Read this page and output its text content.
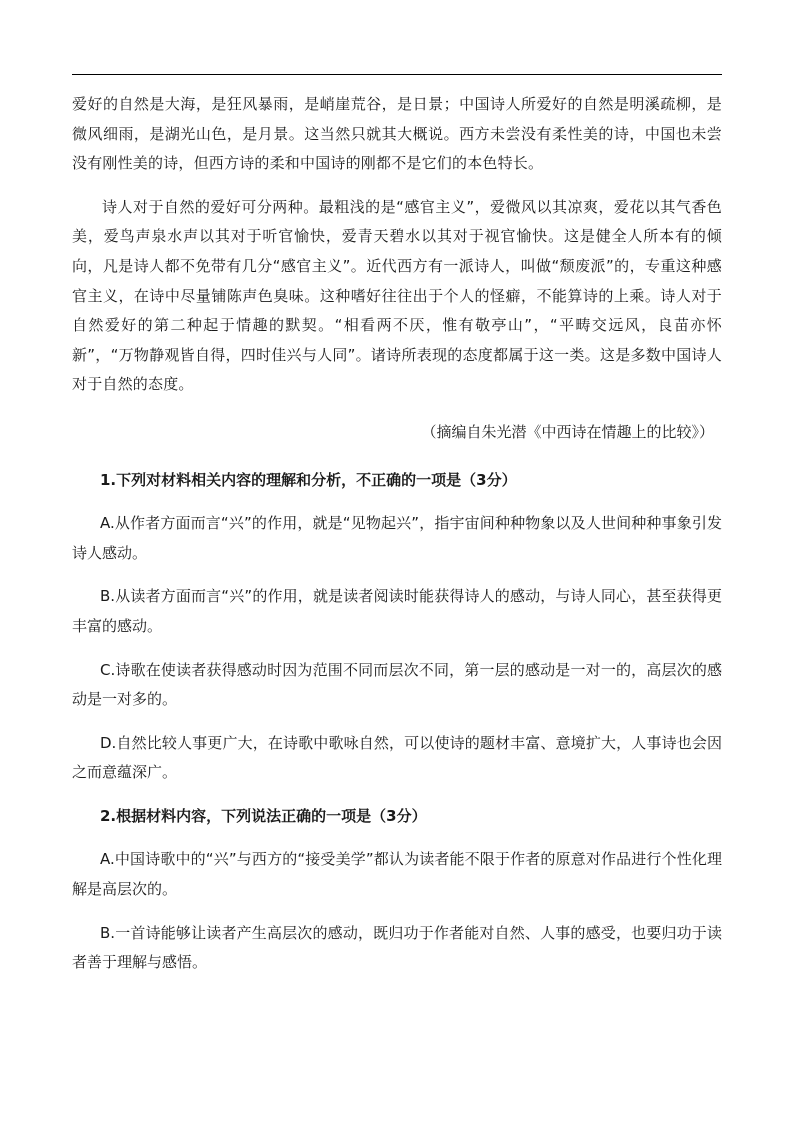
爱好的自然是大海，是狂风暴雨，是峭崖荒谷，是日景；中国诗人所爱好的自然是明溪疏柳，是微风细雨，是湖光山色，是月景。这当然只就其大概说。西方未尝没有柔性美的诗，中国也未尝没有刚性美的诗，但西方诗的柔和中国诗的刚都不是它们的本色特长。

诗人对于自然的爱好可分两种。最粗浅的是“感官主义”，爱微风以其凉爽，爱花以其气香色美，爱鸟声泉水声以其对于听官愉快，爱青天碧水以其对于视官愉快。这是健全人所本有的倾向，凡是诗人都不免带有几分“感官主义”。近代西方有一派诗人，叫做“颓废派”的，专重这种感官主义，在诗中尽量铺陈声色臭味。这种嗜好往往出于个人的怪癖，不能算诗的上乘。诗人对于自然爱好的第二种起于情趣的默契。“相看两不厌，惟有敬亭山”，“平畴交远风，良苗亦怀新”，“万物静观皆自得，四时佳兴与人同”。诸诗所表现的态度都属于这一类。这是多数中国诗人对于自然的态度。

（摘编自朱光潜《中西诗在情趣上的比较》）

1.下列对材料相关内容的理解和分析，不正确的一项是（3分）

A.从作者方面而言“兴”的作用，就是“见物起兴”，指宇宙间种种物象以及人世间种种事象引发诗人感动。

B.从读者方面而言“兴”的作用，就是读者阅读时能获得诗人的感动，与诗人同心，甚至获得更丰富的感动。

C.诗歌在使读者获得感动时因为范围不同而层次不同，第一层的感动是一对一的，高层次的感动是一对多的。

D.自然比较人事更广大，在诗歌中歌咏自然，可以使诗的题材丰富、意境扩大，人事诗也会因之而意蕴深广。

2.根据材料内容，下列说法正确的一项是（3分）

A.中国诗歌中的“兴”与西方的“接受美学”都认为读者能不限于作者的原意对作品进行个性化理解是高层次的。

B.一首诗能够让读者产生高层次的感动，既归功于作者能对自然、人事的感受，也要归功于读者善于理解与感悟。
